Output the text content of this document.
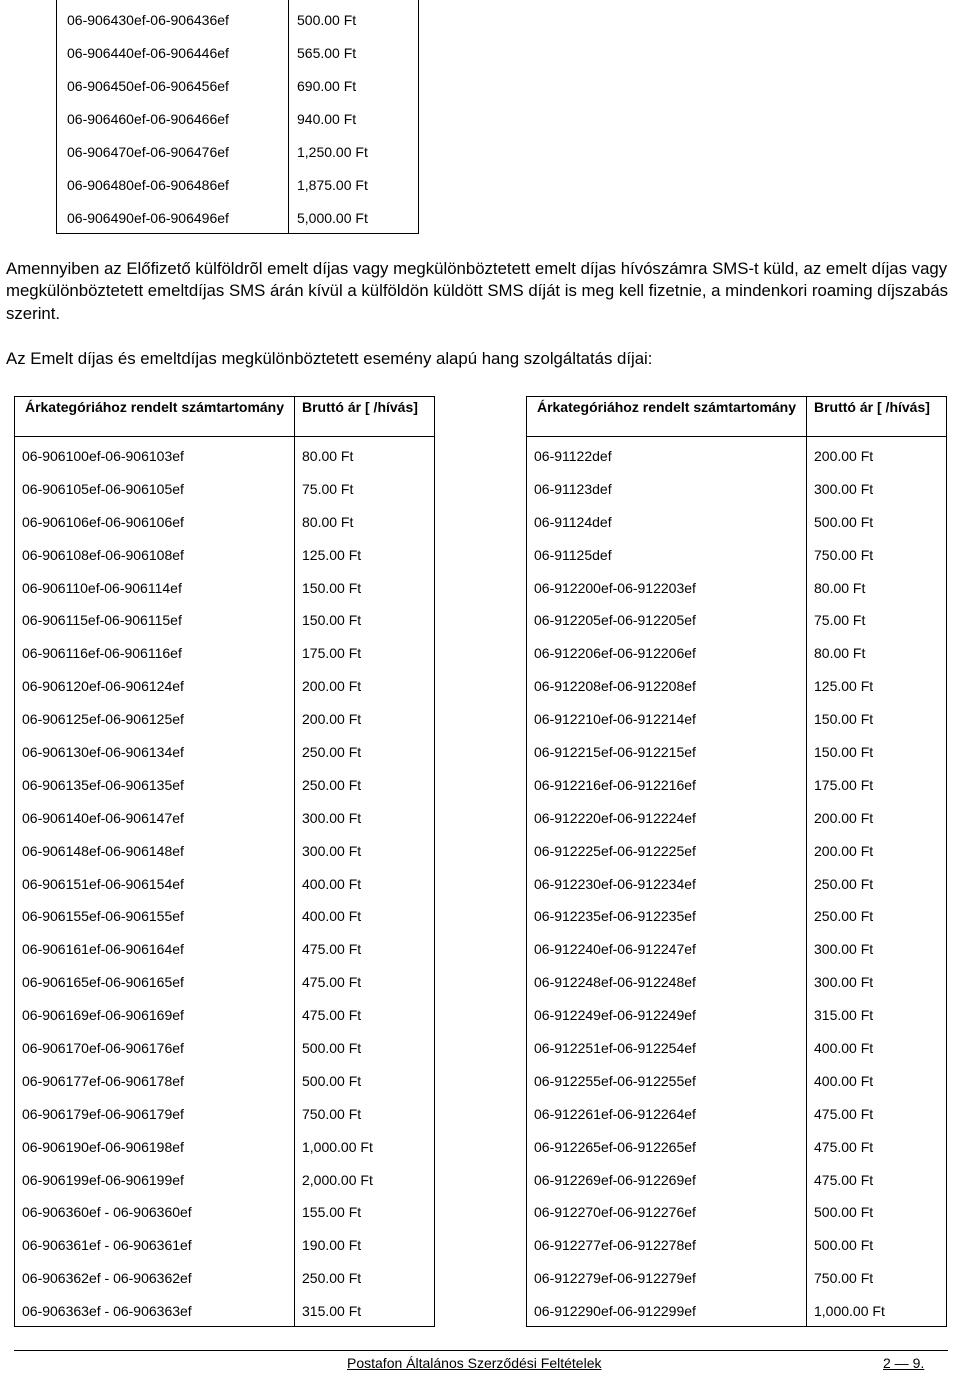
06-906430ef-06-906436ef	500.00 Ft
06-906440ef-06-906446ef	565.00 Ft
06-906450ef-06-906456ef	690.00 Ft
06-906460ef-06-906466ef	940.00 Ft
06-906470ef-06-906476ef	1,250.00 Ft
06-906480ef-06-906486ef	1,875.00 Ft
06-906490ef-06-906496ef	5,000.00 Ft

Amennyiben az Előfizető külföldrõl emelt díjas vagy megkülönböztetett emelt díjas hívószámra SMS-t küld, az emelt díjas vagy megkülönböztetett emeltdíjas SMS árán kívül a külföldön küldött SMS díját is meg kell fizetnie, a mindenkori roaming díjszabás szerint.

Az Emelt díjas és emeltdíjas megkülönböztetett esemény alapú hang szolgáltatás díjai:

Árkategóriához rendelt számtartomány	Bruttó ár [ /hívás]
06-906100ef-06-906103ef	80.00 Ft
06-906105ef-06-906105ef	75.00 Ft
06-906106ef-06-906106ef	80.00 Ft
06-906108ef-06-906108ef	125.00 Ft
06-906110ef-06-906114ef	150.00 Ft
06-906115ef-06-906115ef	150.00 Ft
06-906116ef-06-906116ef	175.00 Ft
06-906120ef-06-906124ef	200.00 Ft
06-906125ef-06-906125ef	200.00 Ft
06-906130ef-06-906134ef	250.00 Ft
06-906135ef-06-906135ef	250.00 Ft
06-906140ef-06-906147ef	300.00 Ft
06-906148ef-06-906148ef	300.00 Ft
06-906151ef-06-906154ef	400.00 Ft
06-906155ef-06-906155ef	400.00 Ft
06-906161ef-06-906164ef	475.00 Ft
06-906165ef-06-906165ef	475.00 Ft
06-906169ef-06-906169ef	475.00 Ft
06-906170ef-06-906176ef	500.00 Ft
06-906177ef-06-906178ef	500.00 Ft
06-906179ef-06-906179ef	750.00 Ft
06-906190ef-06-906198ef	1,000.00 Ft
06-906199ef-06-906199ef	2,000.00 Ft
06-906360ef - 06-906360ef	155.00 Ft
06-906361ef - 06-906361ef	190.00 Ft
06-906362ef - 06-906362ef	250.00 Ft
06-906363ef - 06-906363ef	315.00 Ft
Árkategóriához rendelt számtartomány	Bruttó ár [ /hívás]
06-91122def	200.00 Ft
06-91123def	300.00 Ft
06-91124def	500.00 Ft
06-91125def	750.00 Ft
06-912200ef-06-912203ef	80.00 Ft
06-912205ef-06-912205ef	75.00 Ft
06-912206ef-06-912206ef	80.00 Ft
06-912208ef-06-912208ef	125.00 Ft
06-912210ef-06-912214ef	150.00 Ft
06-912215ef-06-912215ef	150.00 Ft
06-912216ef-06-912216ef	175.00 Ft
06-912220ef-06-912224ef	200.00 Ft
06-912225ef-06-912225ef	200.00 Ft
06-912230ef-06-912234ef	250.00 Ft
06-912235ef-06-912235ef	250.00 Ft
06-912240ef-06-912247ef	300.00 Ft
06-912248ef-06-912248ef	300.00 Ft
06-912249ef-06-912249ef	315.00 Ft
06-912251ef-06-912254ef	400.00 Ft
06-912255ef-06-912255ef	400.00 Ft
06-912261ef-06-912264ef	475.00 Ft
06-912265ef-06-912265ef	475.00 Ft
06-912269ef-06-912269ef	475.00 Ft
06-912270ef-06-912276ef	500.00 Ft
06-912277ef-06-912278ef	500.00 Ft
06-912279ef-06-912279ef	750.00 Ft
06-912290ef-06-912299ef	1,000.00 Ft
Postafon Általános Szerződési Feltételek	2 — 9.
